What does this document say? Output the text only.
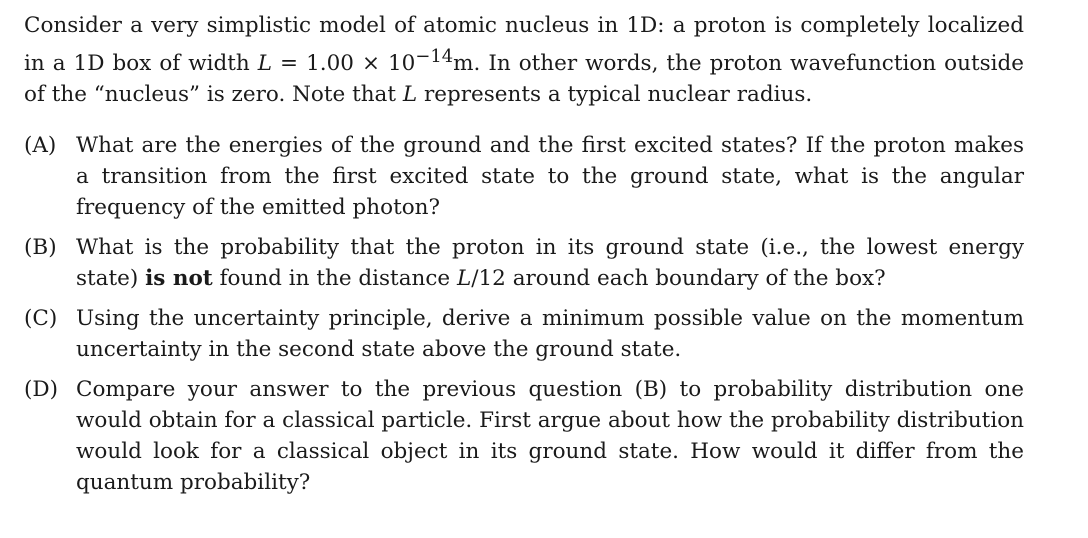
Consider a very simplistic model of atomic nucleus in 1D: a proton is completely localized in a 1D box of width $L = 1.00 \times 10^{-14}m$. In other words, the proton wavefunction outside of the “nucleus” is zero. Note that L represents a typical nuclear radius.

(A) What are the energies of the ground and the first excited states? If the proton makes a transition from the first excited state to the ground state, what is the angular frequency of the emitted photon?
(B) What is the probability that the proton in its ground state (i.e., the lowest energy state) is not found in the distance L/12 around each boundary of the box?
(C) Using the uncertainty principle, derive a minimum possible value on the momentum uncertainty in the second state above the ground state.
(D) Compare your answer to the previous question (B) to probability distribution one would obtain for a classical particle. First argue about how the probability distribution would look for a classical object in its ground state. How would it differ from the quantum probability?
